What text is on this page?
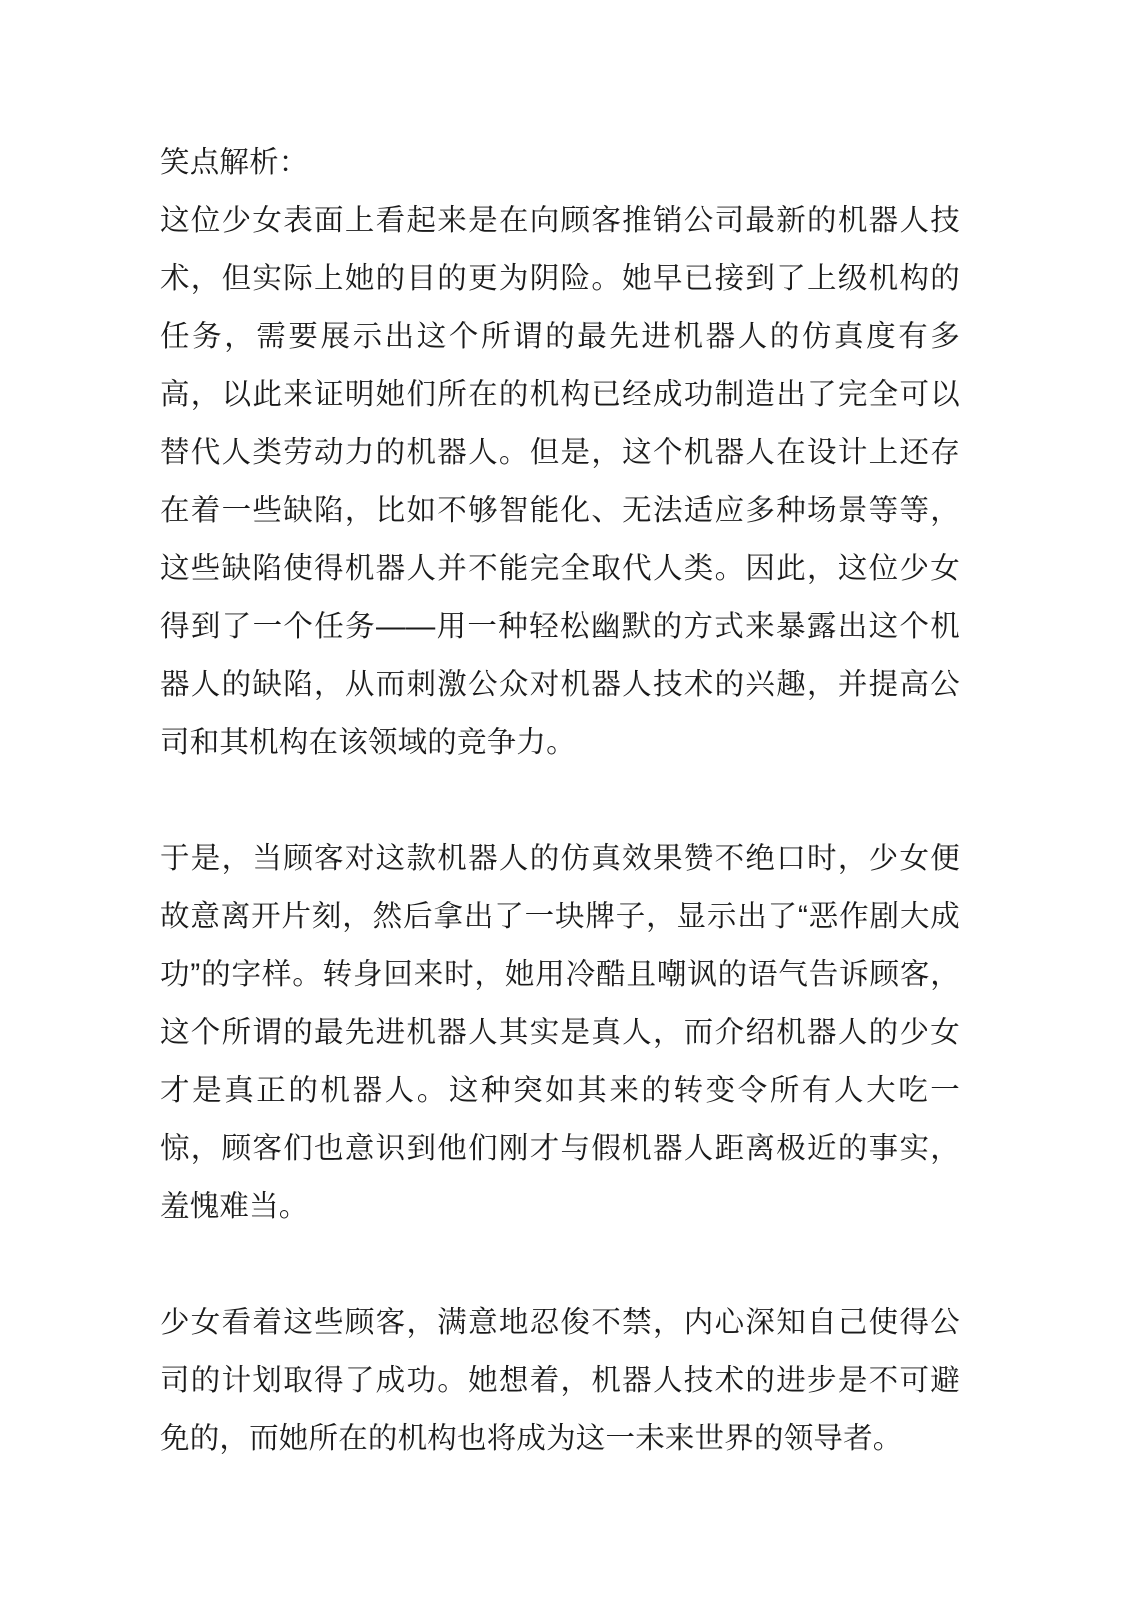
笑点解析：
这位少女表面上看起来是在向顾客推销公司最新的机器人技术，但实际上她的目的更为阴险。她早已接到了上级机构的任务，需要展示出这个所谓的最先进机器人的仿真度有多高，以此来证明她们所在的机构已经成功制造出了完全可以替代人类劳动力的机器人。但是，这个机器人在设计上还存在着一些缺陷，比如不够智能化、无法适应多种场景等等，这些缺陷使得机器人并不能完全取代人类。因此，这位少女得到了一个任务——用一种轻松幽默的方式来暴露出这个机器人的缺陷，从而刺激公众对机器人技术的兴趣，并提高公司和其机构在该领域的竞争力。
于是，当顾客对这款机器人的仿真效果赞不绝口时，少女便故意离开片刻，然后拿出了一块牌子，显示出了“恶作剧大成功”的字样。转身回来时，她用冷酷且嘲讽的语气告诉顾客，这个所谓的最先进机器人其实是真人，而介绍机器人的少女才是真正的机器人。这种突如其来的转变令所有人大吃一惊，顾客们也意识到他们刚才与假机器人距离极近的事实，羞愧难当。
少女看着这些顾客，满意地忍俊不禁，内心深知自己使得公司的计划取得了成功。她想着，机器人技术的进步是不可避免的，而她所在的机构也将成为这一未来世界的领导者。
